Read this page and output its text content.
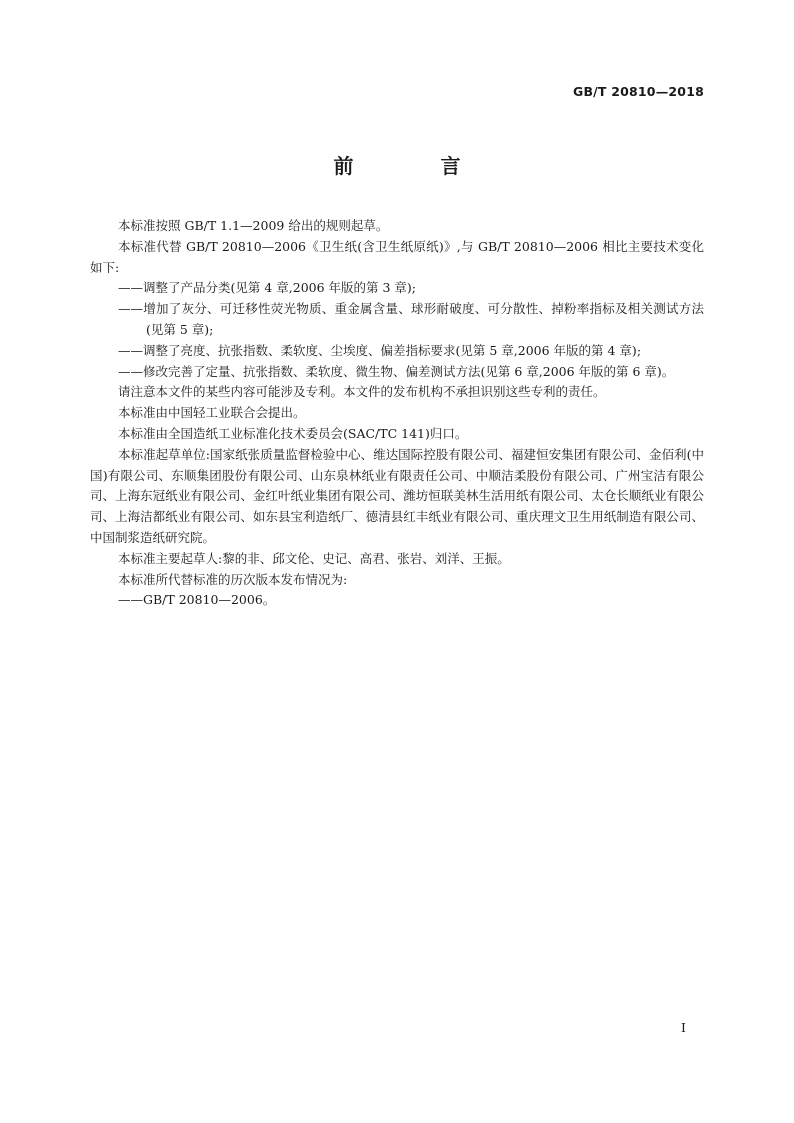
GB/T 20810—2018
前 言

本标准按照 GB/T 1.1—2009 给出的规则起草。

本标准代替 GB/T 20810—2006《卫生纸(含卫生纸原纸)》,与 GB/T 20810—2006 相比主要技术变化如下:

——调整了产品分类(见第 4 章,2006 年版的第 3 章);

——增加了灰分、可迁移性荧光物质、重金属含量、球形耐破度、可分散性、掉粉率指标及相关测试方法(见第 5 章);

——调整了亮度、抗张指数、柔软度、尘埃度、偏差指标要求(见第 5 章,2006 年版的第 4 章);

——修改完善了定量、抗张指数、柔软度、微生物、偏差测试方法(见第 6 章,2006 年版的第 6 章)。

请注意本文件的某些内容可能涉及专利。本文件的发布机构不承担识别这些专利的责任。

本标准由中国轻工业联合会提出。

本标准由全国造纸工业标准化技术委员会(SAC/TC 141)归口。

本标准起草单位:国家纸张质量监督检验中心、维达国际控股有限公司、福建恒安集团有限公司、金佰利(中国)有限公司、东顺集团股份有限公司、山东泉林纸业有限责任公司、中顺洁柔股份有限公司、广州宝洁有限公司、上海东冠纸业有限公司、金红叶纸业集团有限公司、潍坊恒联美林生活用纸有限公司、太仓长顺纸业有限公司、上海洁都纸业有限公司、如东县宝利造纸厂、德清县红丰纸业有限公司、重庆理文卫生用纸制造有限公司、中国制浆造纸研究院。

本标准主要起草人:黎的非、邱文伦、史记、高君、张岩、刘洋、王振。

本标准所代替标准的历次版本发布情况为:

——GB/T 20810—2006。

I
